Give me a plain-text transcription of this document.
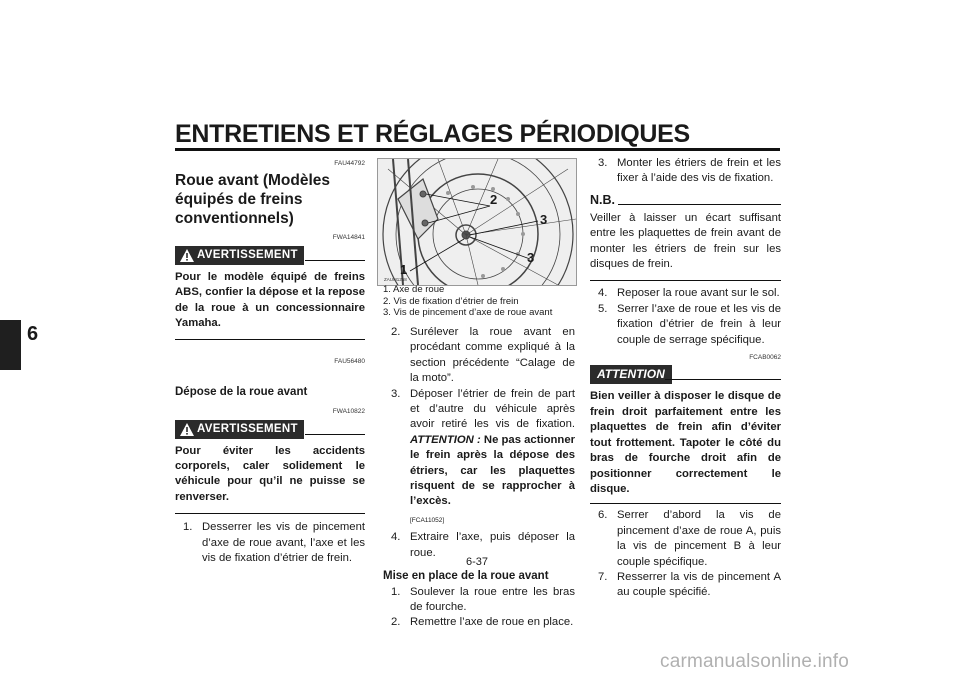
ENTRETIENS ET RÉGLAGES PÉRIODIQUES
6
FAU44792
Roue avant (Modèles équipés de freins conventionnels)
FWA14841
AVERTISSEMENT
Pour le modèle équipé de freins ABS, confier la dépose et la repose de la roue à un concessionnaire Yamaha.
FAU56480
Dépose de la roue avant
FWA10822
AVERTISSEMENT
Pour éviter les accidents corporels, caler solidement le véhicule pour qu’il ne puisse se renverser.
1. Desserrer les vis de pincement d’axe de roue avant, l’axe et les vis de fixation d’étrier de frein.
ZAUM1258
1
2
3
3
1. Axe de roue
2. Vis de fixation d’étrier de frein
3. Vis de pincement d’axe de roue avant
2. Surélever la roue avant en procédant comme expliqué à la section précédente “Calage de la moto”.
3. Déposer l’étrier de frein de part et d’autre du véhicule après avoir retiré les vis de fixation. ATTENTION : Ne pas actionner le frein après la dépose des étriers, car les plaquettes risquent de se rapprocher à l’excès.
[FCA11052]
4. Extraire l’axe, puis déposer la roue.
Mise en place de la roue avant
1. Soulever la roue entre les bras de fourche.
2. Remettre l’axe de roue en place.
3. Monter les étriers de frein et les fixer à l’aide des vis de fixation.
N.B.
Veiller à laisser un écart suffisant entre les plaquettes de frein avant de monter les étriers de frein sur les disques de frein.
4. Reposer la roue avant sur le sol.
5. Serrer l’axe de roue et les vis de fixation d’étrier de frein à leur couple de serrage spécifique.
FCAB0062
ATTENTION
Bien veiller à disposer le disque de frein droit parfaitement entre les plaquettes de frein afin d’éviter tout frottement. Tapoter le côté du bras de fourche droit afin de positionner correctement le disque.
6. Serrer d’abord la vis de pincement d’axe de roue A, puis la vis de pincement B à leur couple spécifique.
7. Resserrer la vis de pincement A au couple spécifié.
6-37
carmanualsonline.info
